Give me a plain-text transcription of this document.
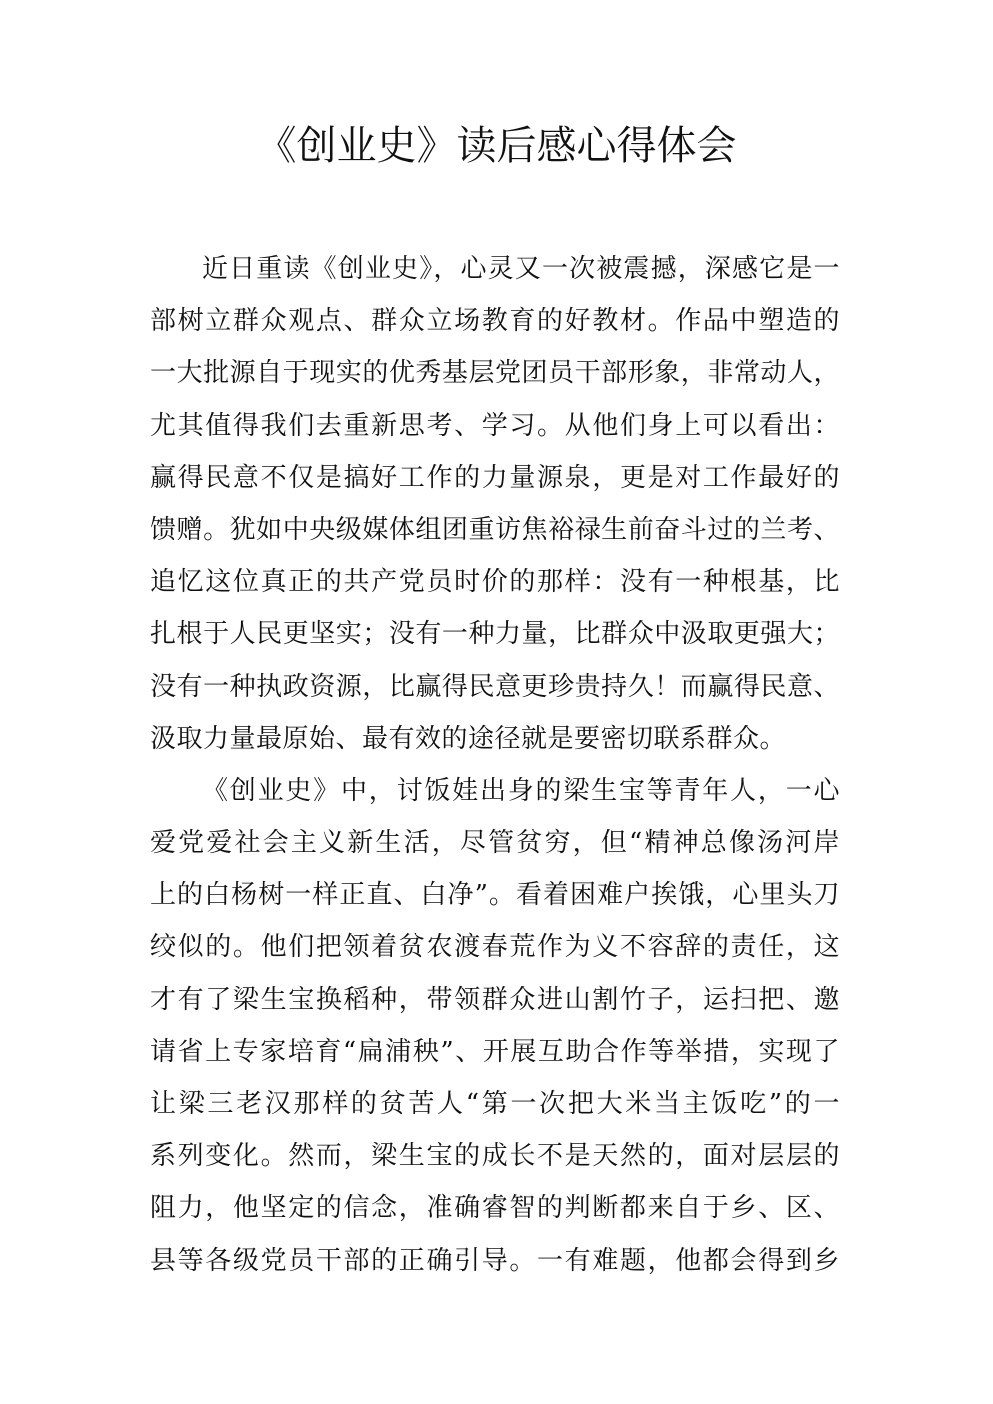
《创业史》读后感心得体会
近日重读《创业史》，心灵又一次被震撼，深感它是一
部树立群众观点、群众立场教育的好教材。作品中塑造的
一大批源自于现实的优秀基层党团员干部形象，非常动人，
尤其值得我们去重新思考、学习。从他们身上可以看出：
赢得民意不仅是搞好工作的力量源泉，更是对工作最好的
馈赠。犹如中央级媒体组团重访焦裕禄生前奋斗过的兰考、
追忆这位真正的共产党员时价的那样：没有一种根基，比
扎根于人民更坚实；没有一种力量，比群众中汲取更强大；
没有一种执政资源，比赢得民意更珍贵持久！而赢得民意、
汲取力量最原始、最有效的途径就是要密切联系群众。
《创业史》中，讨饭娃出身的梁生宝等青年人，一心
爱党爱社会主义新生活，尽管贫穷，但“精神总像汤河岸
上的白杨树一样正直、白净”。看着困难户挨饿，心里头刀
绞似的。他们把领着贫农渡春荒作为义不容辞的责任，这
才有了梁生宝换稻种，带领群众进山割竹子，运扫把、邀
请省上专家培育“扁浦秧”、开展互助合作等举措，实现了
让梁三老汉那样的贫苦人“第一次把大米当主饭吃”的一
系列变化。然而，梁生宝的成长不是天然的，面对层层的
阻力，他坚定的信念，准确睿智的判断都来自于乡、区、
县等各级党员干部的正确引导。一有难题，他都会得到乡
